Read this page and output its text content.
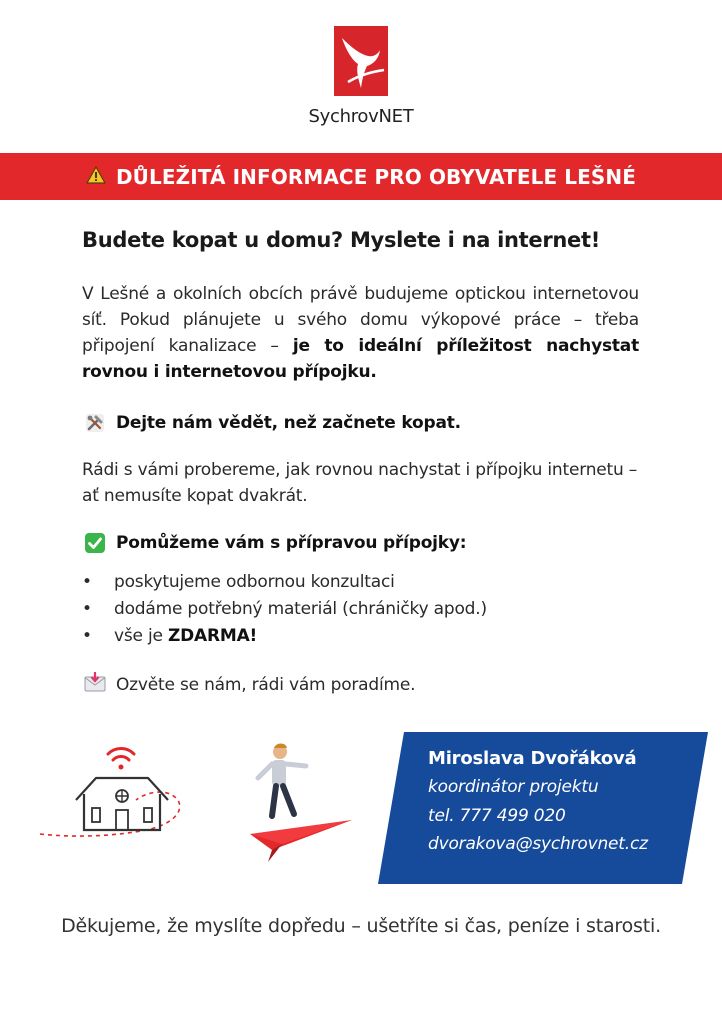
SychrovNET
DŮLEŽITÁ INFORMACE PRO OBYVATELE LEŠNÉ
Budete kopat u domu? Myslete i na internet!
V Lešné a okolních obcích právě budujeme optickou internetovou síť. Pokud plánujete u svého domu výkopové práce – třeba připojení kanalizace – je to ideální příležitost nachystat rovnou i internetovou přípojku.
Dejte nám vědět, než začnete kopat.
Rádi s vámi probereme, jak rovnou nachystat i přípojku internetu – ať nemusíte kopat dvakrát.
Pomůžeme vám s přípravou přípojky:
• poskytujeme odbornou konzultaci
• dodáme potřebný materiál (chráničky apod.)
• vše je ZDARMA!
Ozvěte se nám, rádi vám poradíme.
Miroslava Dvořáková
koordinátor projektu
tel. 777 499 020
dvorakova@sychrovnet.cz
Děkujeme, že myslíte dopředu – ušetříte si čas, peníze i starosti.
